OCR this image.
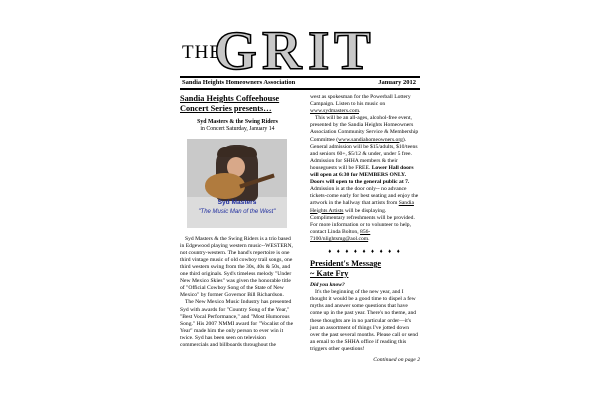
THE
G R I T
Sandia Heights Homeowners Association	January 2012
Sandia Heights Coffeehouse Concert Series presents…
Syd Masters & the Swing Riders
in Concert Saturday, January 14
Syd Masters
"The Music Man of the West"

Syd Masters & the Swing Riders is a trio based in Edgewood playing western music--WESTERN, not country-western. The band's repertoire is one third vintage music of old cowboy trail songs, one third western swing from the 30s, 40s & 50s, and one third originals. Syd's timeless melody "Under New Mexico Skies" was given the honorable title of "Official Cowboy Song of the State of New Mexico" by former Governor Bill Richardson.

The New Mexico Music Industry has presented Syd with awards for "Country Song of the Year," "Best Vocal Performance," and "Most Humorous Song." His 2007 NMMI award for "Vocalist of the Year" made him the only person to ever win it twice. Syd has been seen on television commercials and billboards throughout the

west as spokesman for the Powerball Lottery Campaign. Listen to his music on www.sydmasters.com.

This will be an all-ages, alcohol-free event, presented by the Sandia Heights Homeowners Association Community Service & Membership Committee (www.sandiahomeowners.org). General admission will be $15/adults, $10/teens and seniors 60+, $5/12 & under, under 5 free. Admission for SHHA members & their houseguests will be FREE. Lower Hall doors will open at 6:30 for MEMBERS ONLY. Doors will open to the general public at 7. Admission is at the door only-- no advance tickets-come early for best seating and enjoy the artwork in the hallway that artists from Sandia Heights Artists will be displaying. Complimentary refreshments will be provided. For more information or to volunteer to help, contact Linda Bolton, 856-7100/nlightsmg@aol.com.

♦ ♦ ♦ ♦ ♦ ♦ ♦ ♦ ♦
President's Message
~ Kate Fry
Did you know?

It's the beginning of the new year, and I thought it would be a good time to dispel a few myths and answer some questions that have come up in the past year. There's no theme, and these thoughts are in no particular order—it's just an assortment of things I've jotted down over the past several months. Please call or send an email to the SHHA office if reading this triggers other questions!

Continued on page 2
